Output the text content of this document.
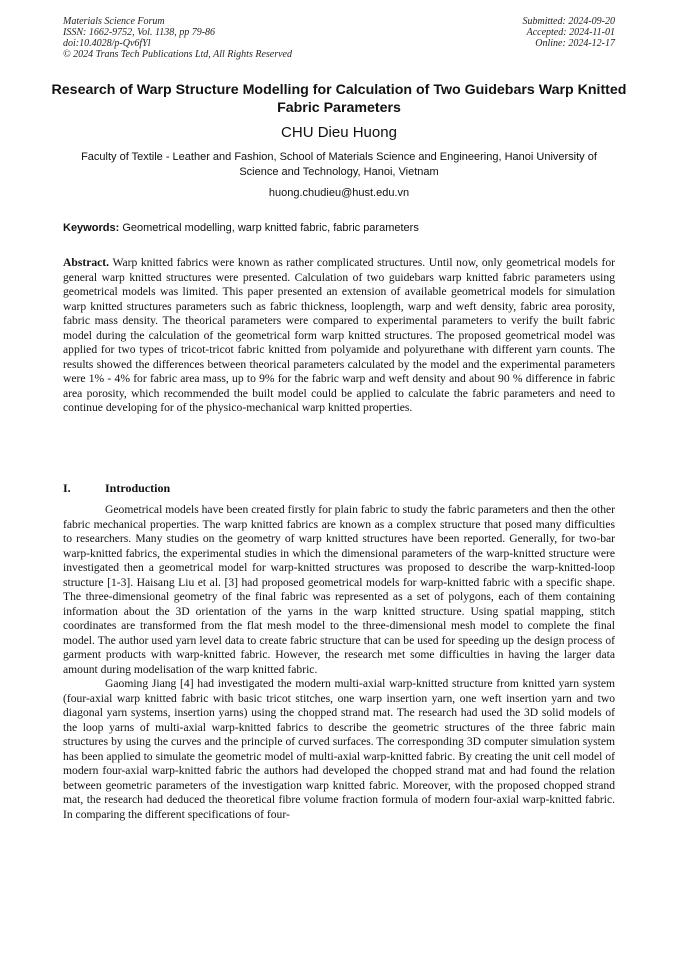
Materials Science Forum
ISSN: 1662-9752, Vol. 1138, pp 79-86
doi:10.4028/p-Qv6fYl
© 2024 Trans Tech Publications Ltd, All Rights Reserved
Submitted: 2024-09-20
Accepted: 2024-11-01
Online: 2024-12-17
Research of Warp Structure Modelling for Calculation of Two Guidebars Warp Knitted Fabric Parameters
CHU Dieu Huong
Faculty of Textile - Leather and Fashion, School of Materials Science and Engineering, Hanoi University of Science and Technology, Hanoi, Vietnam
huong.chudieu@hust.edu.vn
Keywords: Geometrical modelling, warp knitted fabric, fabric parameters

Abstract. Warp knitted fabrics were known as rather complicated structures. Until now, only geometrical models for general warp knitted structures were presented. Calculation of two guidebars warp knitted fabric parameters using geometrical models was limited. This paper presented an extension of available geometrical models for simulation warp knitted structures parameters such as fabric thickness, looplength, warp and weft density, fabric area porosity, fabric mass density. The theorical parameters were compared to experimental parameters to verify the built fabric model during the calculation of the geometrical form warp knitted structures. The proposed geometrical model was applied for two types of tricot-tricot fabric knitted from polyamide and polyurethane with different yarn counts. The results showed the differences between theorical parameters calculated by the model and the experimental parameters were 1% - 4% for fabric area mass, up to 9% for the fabric warp and weft density and about 90 % difference in fabric area porosity, which recommended the built model could be applied to calculate the fabric parameters and need to continue developing for of the physico-mechanical warp knitted properties.

I.	Introduction

Geometrical models have been created firstly for plain fabric to study the fabric parameters and then the other fabric mechanical properties. The warp knitted fabrics are known as a complex structure that posed many difficulties to researchers. Many studies on the geometry of warp knitted structures have been reported. Generally, for two-bar warp-knitted fabrics, the experimental studies in which the dimensional parameters of the warp-knitted structure were investigated then a geometrical model for warp-knitted structures was proposed to describe the warp-knitted-loop structure [1-3]. Haisang Liu et al. [3] had proposed geometrical models for warp-knitted fabric with a specific shape. The three-dimensional geometry of the final fabric was represented as a set of polygons, each of them containing information about the 3D orientation of the yarns in the warp knitted structure. Using spatial mapping, stitch coordinates are transformed from the flat mesh model to the three-dimensional mesh model to complete the final model. The author used yarn level data to create fabric structure that can be used for speeding up the design process of garment products with warp-knitted fabric. However, the research met some difficulties in having the larger data amount during modelisation of the warp knitted fabric.

Gaoming Jiang [4] had investigated the modern multi-axial warp-knitted structure from knitted yarn system (four-axial warp knitted fabric with basic tricot stitches, one warp insertion yarn, one weft insertion yarn and two diagonal yarn systems, insertion yarns) using the chopped strand mat. The research had used the 3D solid models of the loop yarns of multi-axial warp-knitted fabrics to describe the geometric structures of the three fabric main structures by using the curves and the principle of curved surfaces. The corresponding 3D computer simulation system has been applied to simulate the geometric model of multi-axial warp-knitted fabric. By creating the unit cell model of modern four-axial warp-knitted fabric the authors had developed the chopped strand mat and had found the relation between geometric parameters of the investigation warp knitted fabric. Moreover, with the proposed chopped strand mat, the research had deduced the theoretical fibre volume fraction formula of modern four-axial warp-knitted fabric. In comparing the different specifications of four-
